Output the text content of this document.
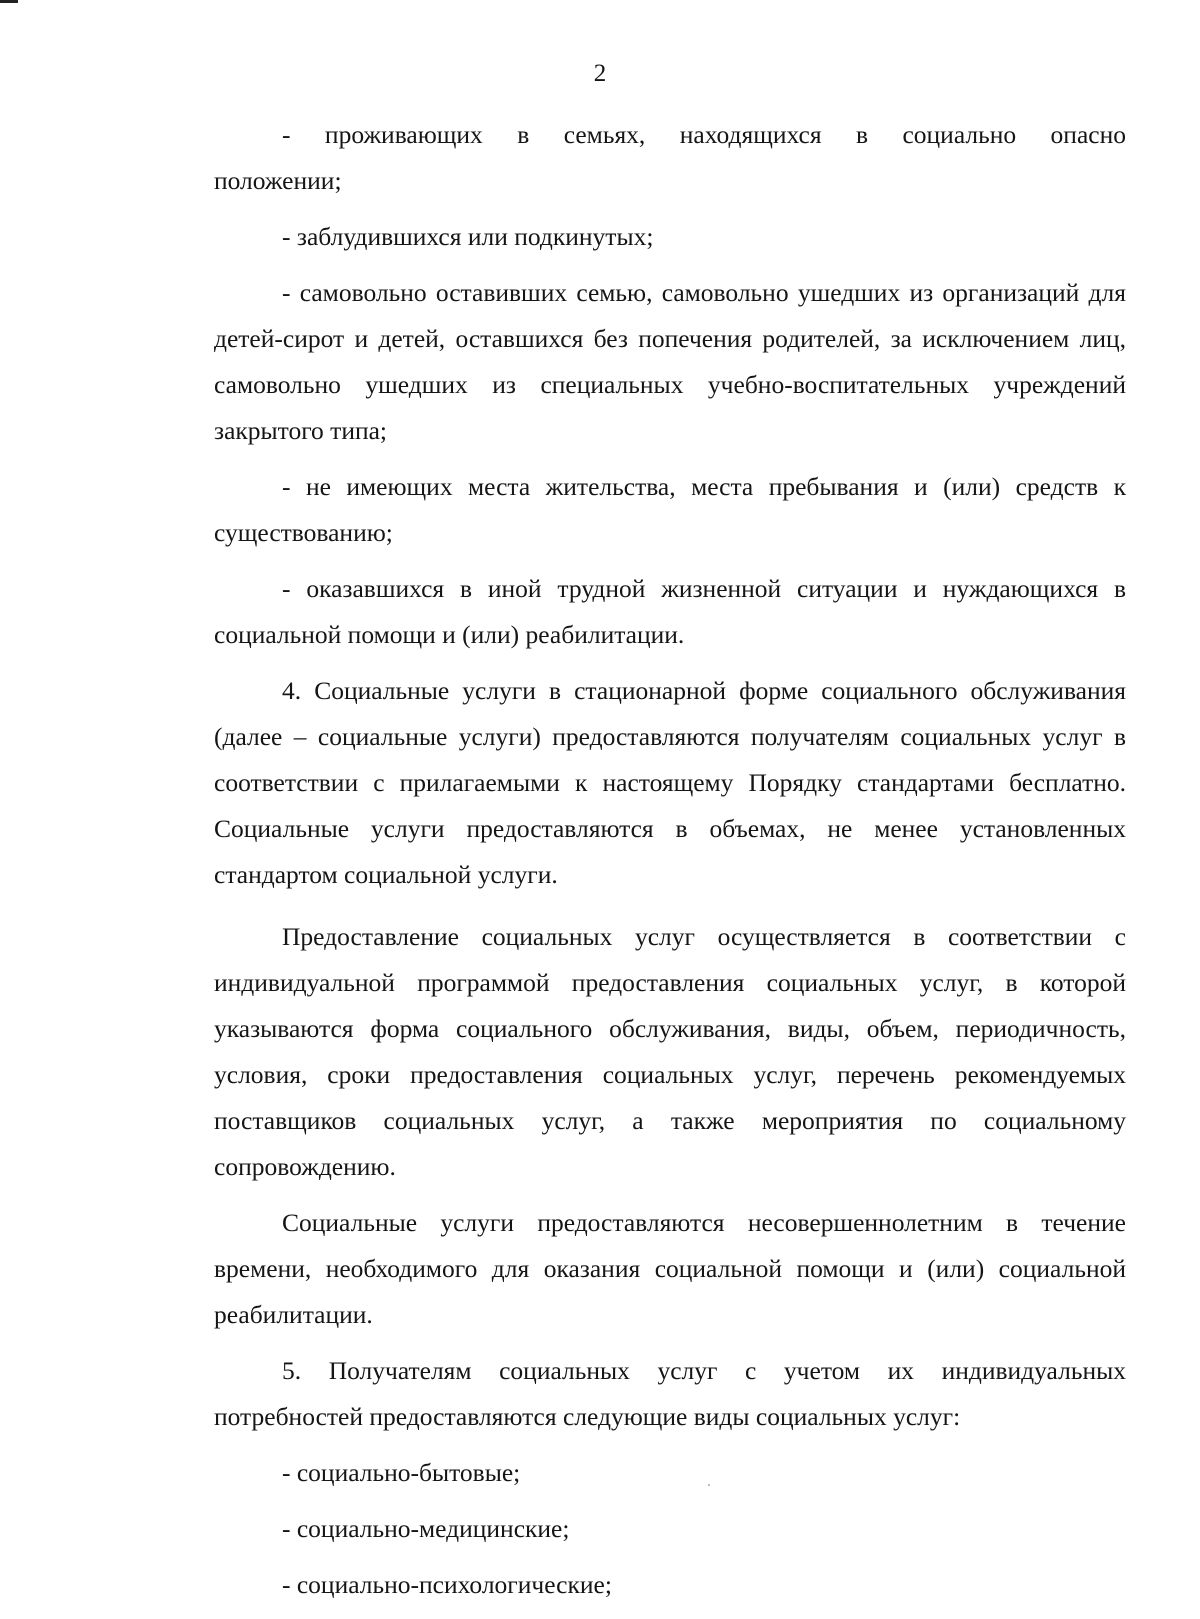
2

- проживающих в семьях, находящихся в социально опасно

положении;

- заблудившихся или подкинутых;

- самовольно оставивших семью, самовольно ушедших из организаций для детей-сирот и детей, оставшихся без попечения родителей, за исключением лиц, самовольно ушедших из специальных учебно-воспитательных учреждений закрытого типа;

- не имеющих места жительства, места пребывания и (или) средств к существованию;

- оказавшихся в иной трудной жизненной ситуации и нуждающихся в социальной помощи и (или) реабилитации.

4. Социальные услуги в стационарной форме социального обслуживания (далее – социальные услуги) предоставляются получателям социальных услуг в соответствии с прилагаемыми к настоящему Порядку стандартами бесплатно. Социальные услуги предоставляются в объемах, не менее установленных стандартом социальной услуги.

Предоставление социальных услуг осуществляется в соответствии с индивидуальной программой предоставления социальных услуг, в которой указываются форма социального обслуживания, виды, объем, периодичность, условия, сроки предоставления социальных услуг, перечень рекомендуемых поставщиков социальных услуг, а также мероприятия по социальному сопровождению.

Социальные услуги предоставляются несовершеннолетним в течение времени, необходимого для оказания социальной помощи и (или) социальной реабилитации.

5. Получателям социальных услуг с учетом их индивидуальных потребностей предоставляются следующие виды социальных услуг:

- социально-бытовые;

- социально-медицинские;

- социально-психологические;
